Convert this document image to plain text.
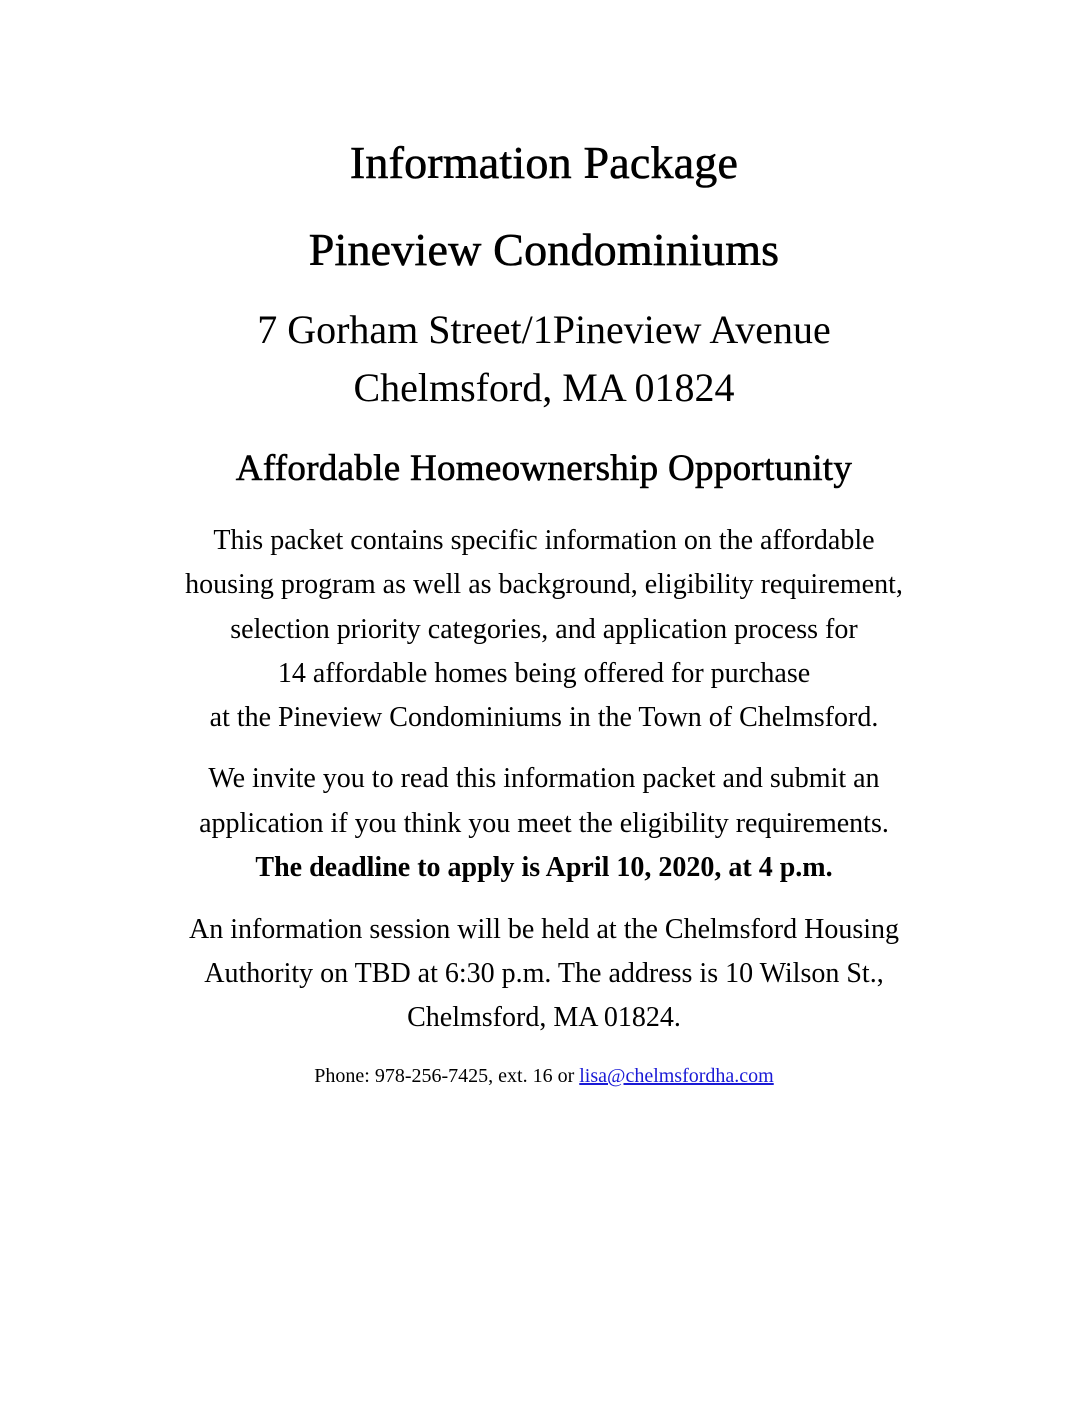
Information Package
Pineview Condominiums
7 Gorham Street/1Pineview Avenue
Chelmsford, MA 01824
Affordable Homeownership Opportunity
This packet contains specific information on the affordable
housing program as well as background, eligibility requirement,
selection priority categories, and application process for
14 affordable homes being offered for purchase
at the Pineview Condominiums in the Town of Chelmsford.
We invite you to read this information packet and submit an
application if you think you meet the eligibility requirements.
The deadline to apply is April 10, 2020, at 4 p.m.
An information session will be held at the Chelmsford Housing
Authority on TBD at 6:30 p.m. The address is 10 Wilson St.,
Chelmsford, MA 01824.
Phone: 978-256-7425, ext. 16 or lisa@chelmsfordha.com
